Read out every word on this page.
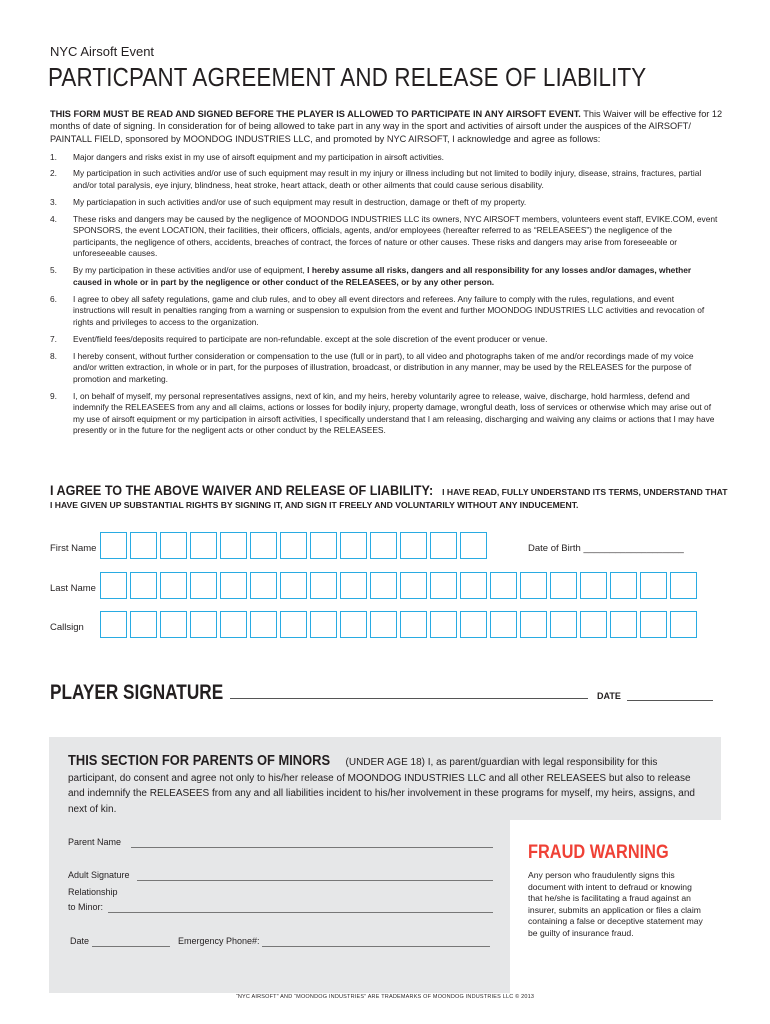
NYC Airsoft Event
PARTICPANT AGREEMENT AND RELEASE OF LIABILITY
THIS FORM MUST BE READ AND SIGNED BEFORE THE PLAYER IS ALLOWED TO PARTICIPATE IN ANY AIRSOFT EVENT. This Waiver will be effective for 12 months of date of signing. In consideration for of being allowed to take part in any way in the sport and activities of airsoft under the auspices of the AIRSOFT/ PAINTALL FIELD, sponsored by MOONDOG INDUSTRIES LLC, and promoted by NYC AIRSOFT, I acknowledge and agree as follows:
1. Major dangers and risks exist in my use of airsoft equipment and my participation in airsoft activities.
2. My participation in such activities and/or use of such equipment may result in my injury or illness including but not limited to bodily injury, disease, strains, fractures, partial and/or total paralysis, eye injury, blindness, heat stroke, heart attack, death or other ailments that could cause serious disability.
3. My particiapation in such activities and/or use of such equipment may result in destruction, damage or theft of my property.
4. These risks and dangers may be caused by the negligence of MOONDOG INDUSTRIES LLC its owners, NYC AIRSOFT members, volunteers event staff, EVIKE.COM, event SPONSORS, the event LOCATION, their facilities, their officers, officials, agents, and/or employees (hereafter referred to as “RELEASEES”) the negligence of the participants, the negligence of others, accidents, breaches of contract, the forces of nature or other causes. These risks and dangers may arise from foreseeable or unforeseeable causes.
5. By my participation in these activities and/or use of equipment, I hereby assume all risks, dangers and all responsibility for any losses and/or damages, whether caused in whole or in part by the negligence or other conduct of the RELEASEES, or by any other person.
6. I agree to obey all safety regulations, game and club rules, and to obey all event directors and referees. Any failure to comply with the rules, regulations, and event instructions will result in penalties ranging from a warning or suspension to expulsion from the event and further MOONDOG INDUSTRIES LLC activities and revocation of rights and privileges to access to the organization.
7. Event/field fees/deposits required to participate are non-refundable. except at the sole discretion of the event producer or venue.
8. I hereby consent, without further consideration or compensation to the use (full or in part), to all video and photographs taken of me and/or recordings made of my voice and/or written extraction, in whole or in part, for the purposes of illustration, broadcast, or distribution in any manner, may be used by the RELEASES for the purpose of promotion and marketing.
9. I, on behalf of myself, my personal representatives assigns, next of kin, and my heirs, hereby voluntarily agree to release, waive, discharge, hold harmless, defend and indemnify the RELEASEES from any and all claims, actions or losses for bodily injury, property damage, wrongful death, loss of services or otherwise which may arise out of my use of airsoft equipment or my participation in airsoft activities, I specifically understand that I am releasing, discharging and waiving any claims or actions that I may have presently or in the future for the negligent acts or other conduct by the RELEASEES.
I AGREE TO THE ABOVE WAIVER AND RELEASE OF LIABILITY: I HAVE READ, FULLY UNDERSTAND ITS TERMS, UNDERSTAND THAT I HAVE GIVEN UP SUBSTANTIAL RIGHTS BY SIGNING IT, AND SIGN IT FREELY AND VOLUNTARILY WITHOUT ANY INDUCEMENT.
First Name	Date of Birth ___________________
Last Name
Callsign
PLAYER SIGNATURE	DATE
THIS SECTION FOR PARENTS OF MINORS (UNDER AGE 18) I, as parent/guardian with legal responsibility for this participant, do consent and agree not only to his/her release of MOONDOG INDUSTRIES LLC and all other RELEASEES but also to release and indemnify the RELEASEES from any and all liabilities incident to his/her involvement in these programs for myself, my heirs, assigns, and next of kin.
Parent Name
Adult Signature
Relationship
to Minor:
Date	Emergency Phone#:
FRAUD WARNING
Any person who fraudulently signs this document with intent to defraud or knowing that he/she is facilitating a fraud against an insurer, submits an application or files a claim containing a false or deceptive statement may be guilty of insurance fraud.
“NYC AIRSOFT” AND “MOONDOG INDUSTRIES” ARE TRADEMARKS OF MOONDOG INDUSTRIES LLC © 2013
